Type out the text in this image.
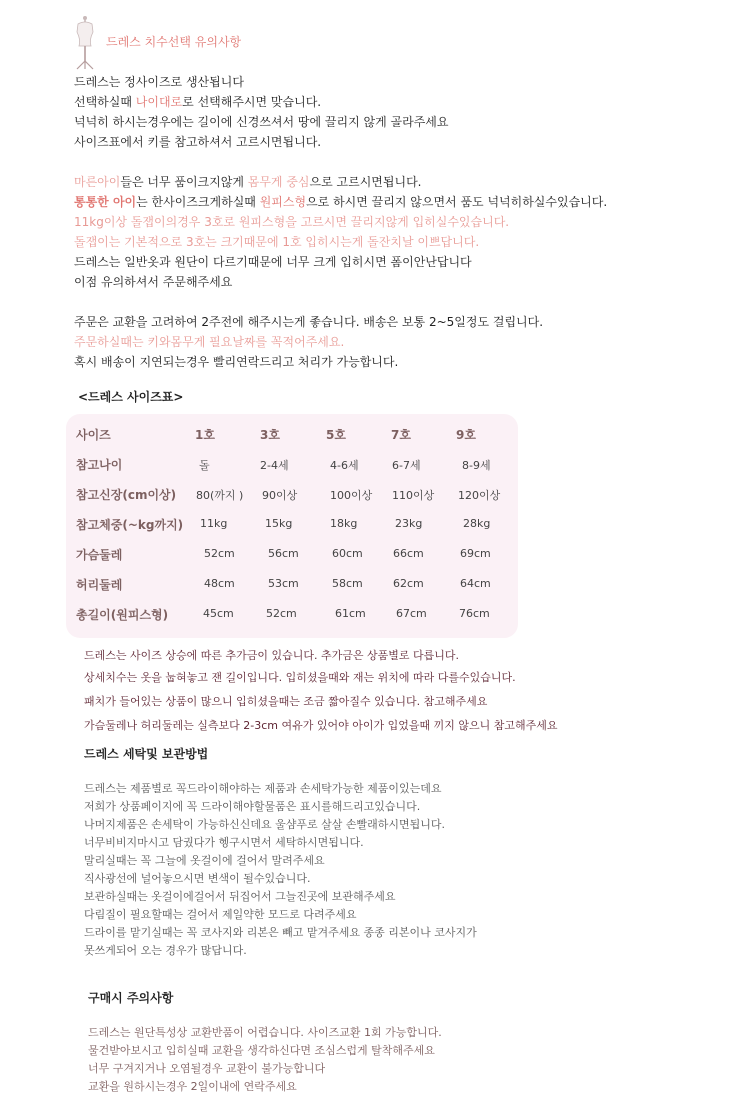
드레스 치수선택 유의사항
드레스는 정사이즈로 생산됩니다
선택하실때 나이대로로 선택해주시면 맞습니다.
넉넉히 하시는경우에는 길이에 신경쓰셔서 땅에 끌리지 않게 골라주세요
사이즈표에서 키를 참고하셔서 고르시면됩니다.
마른아이들은 너무 품이크지않게 몸무게 중심으로 고르시면됩니다.
통통한 아이는 한사이즈크게하실때 원피스형으로 하시면 끌리지 않으면서 품도 넉넉히하실수있습니다.
11kg이상 돌잽이의경우 3호로 원피스형을 고르시면 끌리지않게 입히실수있습니다.
돌잽이는 기본적으로 3호는 크기때문에 1호 입히시는게 돌잔치날 이쁘답니다.
드레스는 일반옷과 원단이 다르기때문에 너무 크게 입히시면 폼이안난답니다
이점 유의하셔서 주문해주세요
주문은 교환을 고려하여 2주전에 해주시는게 좋습니다. 배송은 보통 2~5일정도 걸립니다.
주문하실때는 키와몸무게 필요날짜를 꼭적어주세요.
혹시 배송이 지연되는경우 빨리연락드리고 처리가 가능합니다.
<드레스 사이즈표>
사이즈	1호	3호	5호	7호	9호
참고나이	돌	2-4세	4-6세	6-7세	8-9세
참고신장(cm이상) 80(까지 ) 90이상	100이상 110이상 120이상
참고체중(~kg까지) 11kg	15kg	18kg	23kg	28kg
가슴둘레	52cm	56cm	60cm	66cm	69cm
허리둘레	48cm	53cm	58cm	62cm	64cm
총길이(원피스형)	45cm	52cm	61cm	67cm	76cm
드레스는 사이즈 상승에 따른 추가금이 있습니다. 추가금은 상품별로 다릅니다.
상세치수는 옷을 눕혀놓고 잰 길이입니다. 입히셨을때와 재는 위치에 따라 다를수있습니다.
패치가 들어있는 상품이 많으니 입히셨을때는 조금 짧아질수 있습니다. 참고해주세요
가슴둘레나 허리둘레는 실측보다 2-3cm 여유가 있어야 아이가 입었을때 끼지 않으니 참고해주세요
드레스 세탁및 보관방법
드레스는 제품별로 꼭드라이해야하는 제품과 손세탁가능한 제품이있는데요
저희가 상품페이지에 꼭 드라이해야할물품은 표시를해드리고있습니다.
나머지제품은 손세탁이 가능하신신데요 울샴푸로 살살 손빨래하시면됩니다.
너무비비지마시고 담궜다가 헹구시면서 세탁하시면됩니다.
말리실때는 꼭 그늘에 옷걸이에 걸어서 말려주세요
직사광선에 널어놓으시면 변색이 될수있습니다.
보관하실때는 옷걸이에걸어서 뒤집어서 그늘진곳에 보관해주세요
다림질이 필요할때는 걸어서 제일약한 모드로 다려주세요
드라이를 맡기실때는 꼭 코사지와 리본은 빼고 맡겨주세요 종종 리본이나 코사지가
못쓰게되어 오는 경우가 많답니다.
구매시 주의사항
드레스는 원단특성상 교환반품이 어렵습니다. 사이즈교환 1회 가능합니다.
물건받아보시고 입히실때 교환을 생각하신다면 조심스럽게 탈착해주세요
너무 구겨지거나 오염될경우 교환이 불가능합니다
교환을 원하시는경우 2일이내에 연락주세요
